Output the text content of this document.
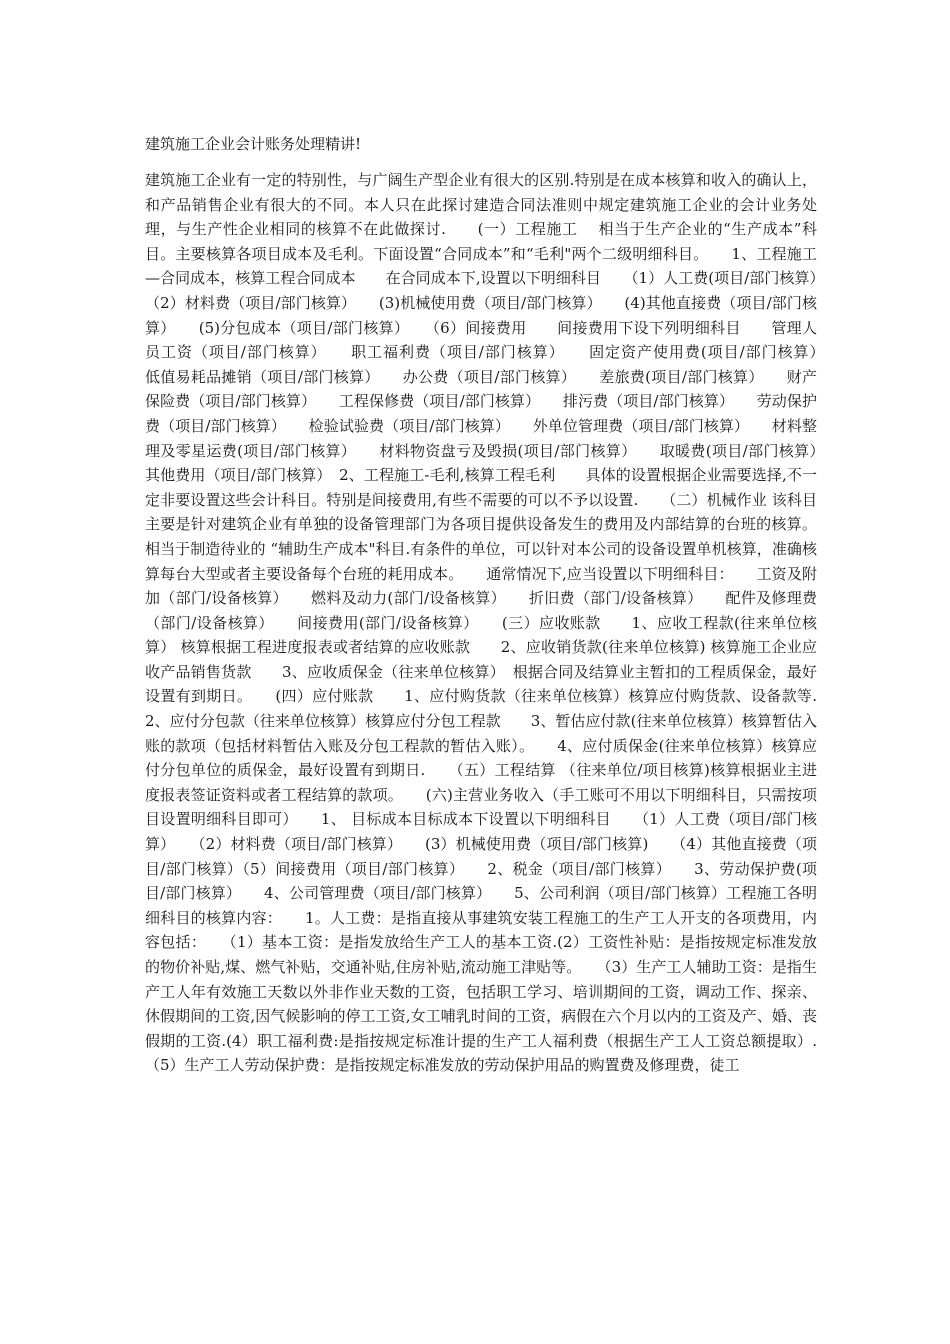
建筑施工企业会计账务处理精讲!

建筑施工企业有一定的特别性，与广阔生产型企业有很大的区别.特别是在成本核算和收入的确认上，和产品销售企业有很大的不同。本人只在此探讨建造合同法准则中规定建筑施工企业的会计业务处理，与生产性企业相同的核算不在此做探讨.　　(一）工程施工　 相当于生产企业的“生产成本”科目。主要核算各项目成本及毛利。下面设置“合同成本”和“毛利"两个二级明细科目。　　1、工程施工—合同成本，核算工程合同成本　　在合同成本下,设置以下明细科目　　（1）人工费(项目/部门核算）　　（2）材料费（项目/部门核算）　　(3)机械使用费（项目/部门核算）　　(4)其他直接费（项目/部门核算）　　(5)分包成本（项目/部门核算）　　（6）间接费用　　间接费用下设下列明细科目　　管理人员工资（项目/部门核算）　　职工福利费（项目/部门核算）　　固定资产使用费(项目/部门核算）　　低值易耗品摊销（项目/部门核算）　　办公费（项目/部门核算）　　差旅费(项目/部门核算）　　财产保险费（项目/部门核算）　　工程保修费（项目/部门核算）　　排污费（项目/部门核算）　　劳动保护费（项目/部门核算）　　检验试验费（项目/部门核算）　　外单位管理费（项目/部门核算）　　材料整理及零星运费(项目/部门核算）　　材料物资盘亏及毁损(项目/部门核算）　　取暖费(项目/部门核算）　　其他费用（项目/部门核算）　2、工程施工-毛利,核算工程毛利　　具体的设置根据企业需要选择,不一定非要设置这些会计科目。特别是间接费用,有些不需要的可以不予以设置.　　（二）机械作业 该科目主要是针对建筑企业有单独的设备管理部门为各项目提供设备发生的费用及内部结算的台班的核算。相当于制造待业的 “辅助生产成本"科目.有条件的单位，可以针对本公司的设备设置单机核算，准确核算每台大型或者主要设备每个台班的耗用成本。　　通常情况下,应当设置以下明细科目：　　工资及附加（部门/设备核算）　　燃料及动力(部门/设备核算）　　折旧费（部门/设备核算）　　配件及修理费（部门/设备核算）　　间接费用(部门/设备核算）　　(三）应收账款　　1、应收工程款(往来单位核算） 核算根据工程进度报表或者结算的应收账款　　2、应收销货款(往来单位核算) 核算施工企业应收产品销售货款　　3、应收质保金（往来单位核算）　根据合同及结算业主暂扣的工程质保金，最好设置有到期日。　　(四）应付账款　　1、应付购货款（往来单位核算）核算应付购货款、设备款等.　2、应付分包款（往来单位核算）核算应付分包工程款　　3、暂估应付款(往来单位核算）核算暂估入账的款项（包括材料暂估入账及分包工程款的暂估入账）。　　4、应付质保金(往来单位核算）核算应付分包单位的质保金，最好设置有到期日.　　（五）工程结算 （往来单位/项目核算)核算根据业主进度报表签证资料或者工程结算的款项。　　(六)主营业务收入（手工账可不用以下明细科目，只需按项目设置明细科目即可）　　1、 目标成本目标成本下设置以下明细科目　　（1）人工费（项目/部门核算）　　（2）材料费（项目/部门核算）　　(3）机械使用费（项目/部门核算)　　（4）其他直接费（项目/部门核算）（5）间接费用（项目/部门核算）　　2、税金（项目/部门核算）　　3、劳动保护费(项目/部门核算）　　4、公司管理费（项目/部门核算）　　5、公司利润（项目/部门核算）工程施工各明细科目的核算内容：　　1。人工费：是指直接从事建筑安装工程施工的生产工人开支的各项费用，内容包括：　　（1）基本工资：是指发放给生产工人的基本工资.(2）工资性补贴：是指按规定标准发放的物价补贴,煤、燃气补贴，交通补贴,住房补贴,流动施工津贴等。　　（3）生产工人辅助工资：是指生产工人年有效施工天数以外非作业天数的工资，包括职工学习、培训期间的工资，调动工作、探亲、休假期间的工资,因气候影响的停工工资,女工哺乳时间的工资，病假在六个月以内的工资及产、婚、丧假期的工资.(4）职工福利费:是指按规定标准计提的生产工人福利费（根据生产工人工资总额提取）.（5）生产工人劳动保护费：是指按规定标准发放的劳动保护用品的购置费及修理费，徒工
